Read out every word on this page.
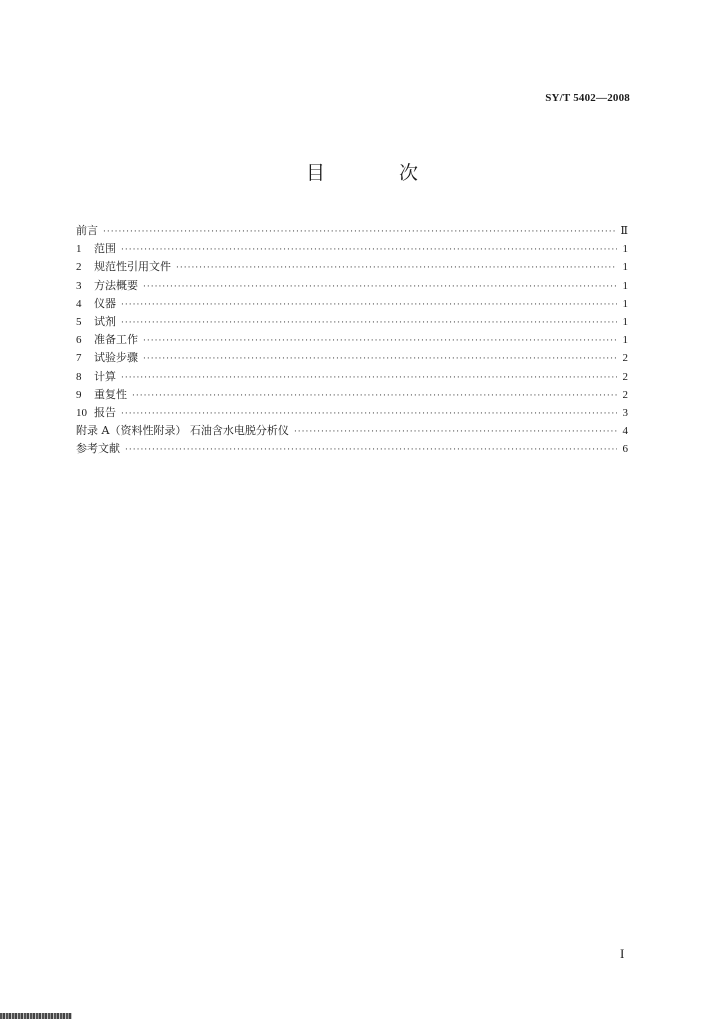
SY/T 5402—2008
目 次
前言 ·····	Ⅱ
1	范围 ·····	1
2	规范性引用文件 ·····	1
3	方法概要 ·····	1
4	仪器 ·····	1
5	试剂 ·····	1
6	准备工作 ·····	1
7	试验步骤 ·····	2
8	计算 ·····	2
9	重复性 ·····	2
10 报告 ·····	3
附录 A（资料性附录） 石油含水电脱分析仪 ·····	4
参考文献 ·····	6
I
